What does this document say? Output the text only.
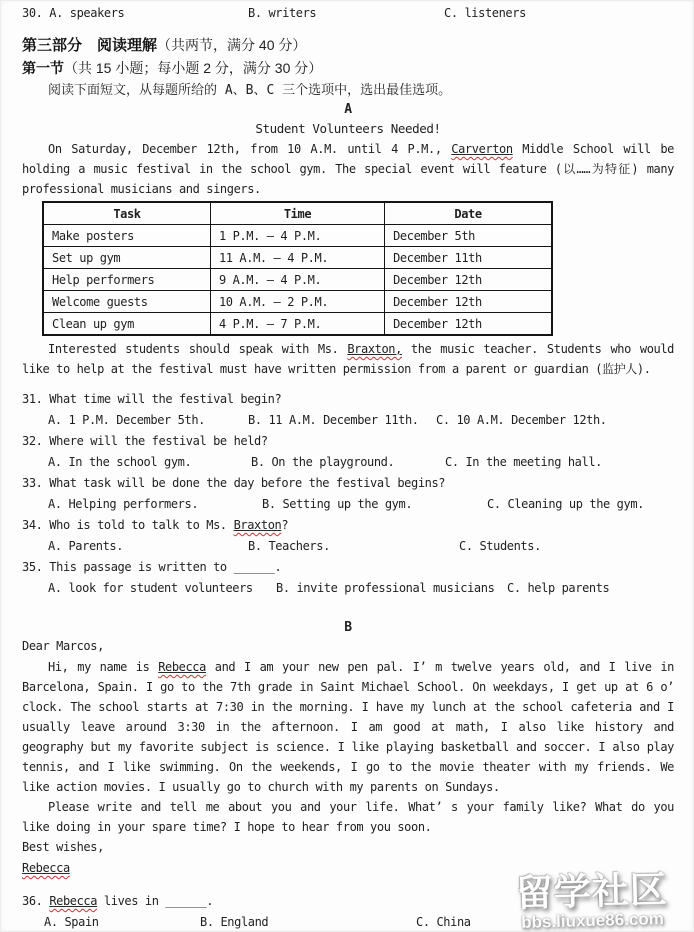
30. A. speakers	B. writers	C. listeners
第三部分　阅读理解（共两节，满分 40 分）
第一节（共 15 小题；每小题 2 分，满分 30 分）
阅读下面短文，从每题所给的 A、B、C 三个选项中，选出最佳选项。
A
Student Volunteers Needed!
On Saturday, December 12th, from 10 A.M. until 4 P.M., Carverton Middle School will be holding a music festival in the school gym. The special event will feature (以……为特征) many professional musicians and singers.
Task	Time	Date
Make posters	1 P.M. – 4 P.M.	December 5th
Set up gym	11 A.M. – 4 P.M.	December 11th
Help performers	9 A.M. – 4 P.M.	December 12th
Welcome guests	10 A.M. – 2 P.M.	December 12th
Clean up gym	4 P.M. – 7 P.M.	December 12th
Interested students should speak with Ms. Braxton, the music teacher. Students who would like to help at the festival must have written permission from a parent or guardian (监护人).
31. What time will the festival begin?
A. 1 P.M. December 5th.	B. 11 A.M. December 11th. C. 10 A.M. December 12th.
32. Where will the festival be held?
A. In the school gym.	B. On the playground.	C. In the meeting hall.
33. What task will be done the day before the festival begins?
A. Helping performers.	B. Setting up the gym.	C. Cleaning up the gym.
34. Who is told to talk to Ms. Braxton?
A. Parents.	B. Teachers.	C. Students.
35. This passage is written to ______.
A. look for student volunteers B. invite professional musicians C. help parents
B
Dear Marcos,
Hi, my name is Rebecca and I am your new pen pal. I’ m twelve years old, and I live in Barcelona, Spain. I go to the 7th grade in Saint Michael School. On weekdays, I get up at 6 o’ clock. The school starts at 7:30 in the morning. I have my lunch at the school cafeteria and I usually leave around 3:30 in the afternoon. I am good at math, I also like history and geography but my favorite subject is science. I like playing basketball and soccer. I also play tennis, and I like swimming. On the weekends, I go to the movie theater with my friends. We like action movies. I usually go to church with my parents on Sundays.
Please write and tell me about you and your life. What’ s your family like? What do you like doing in your spare time? I hope to hear from you soon.
Best wishes,
Rebecca
36. Rebecca lives in ______.
A. Spain	B. England	C. China
留学社区
bbs.liuxue86.com
